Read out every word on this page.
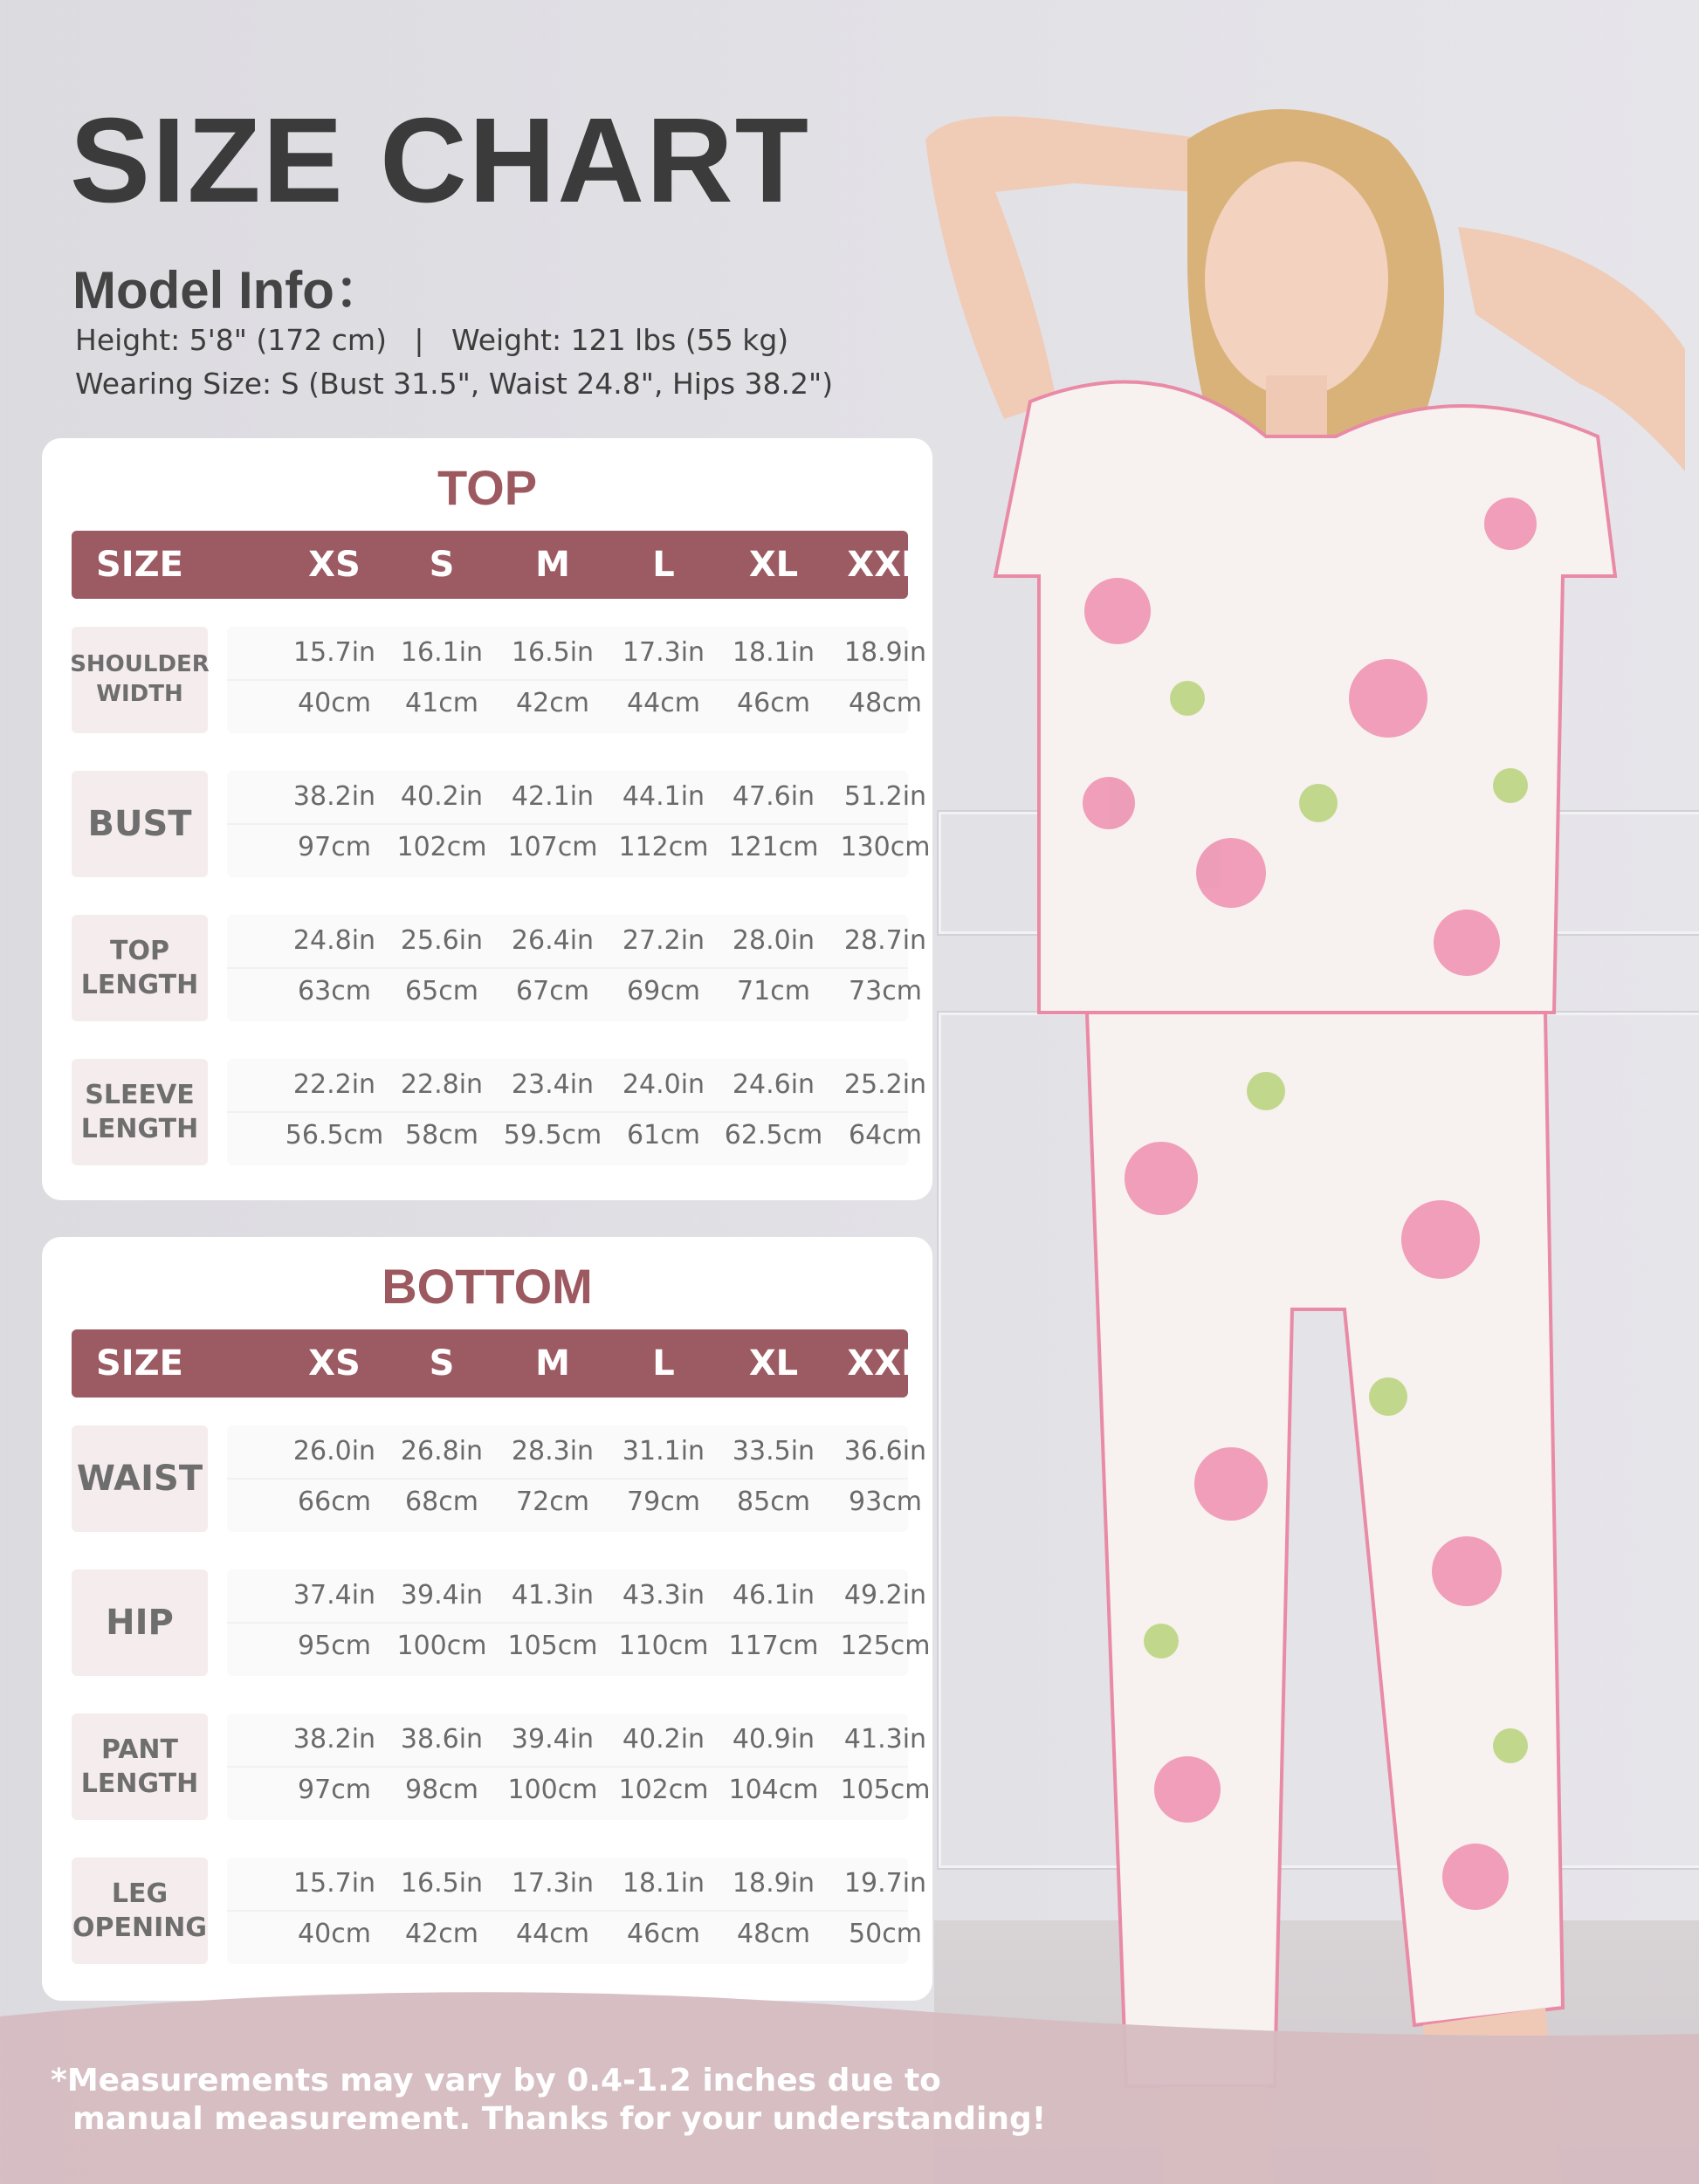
SIZE CHART
Model Info：
Height: 5'8" (172 cm)   |   Weight: 121 lbs (55 kg)
Wearing Size: S (Bust 31.5", Waist 24.8", Hips 38.2")
TOP
SIZE	XS S M L XL XXL
SHOULDER
WIDTH
15.7in 16.1in 16.5in 17.3in 18.1in 18.9in
40cm 41cm 42cm 44cm 46cm 48cm
BUST
38.2in 40.2in 42.1in 44.1in 47.6in 51.2in
97cm 102cm 107cm 112cm 121cm 130cm
TOP
LENGTH
24.8in 25.6in 26.4in 27.2in 28.0in 28.7in
63cm 65cm 67cm 69cm 71cm 73cm
SLEEVE
LENGTH
22.2in 22.8in 23.4in 24.0in 24.6in 25.2in
56.5cm 58cm 59.5cm 61cm 62.5cm 64cm
BOTTOM
SIZE	XS S M L XL XXL
WAIST
26.0in 26.8in 28.3in 31.1in 33.5in 36.6in
66cm 68cm 72cm 79cm 85cm 93cm
HIP
37.4in 39.4in 41.3in 43.3in 46.1in 49.2in
95cm 100cm 105cm 110cm 117cm 125cm
PANT
LENGTH
38.2in 38.6in 39.4in 40.2in 40.9in 41.3in
97cm 98cm 100cm 102cm 104cm 105cm
LEG
OPENING
15.7in 16.5in 17.3in 18.1in 18.9in 19.7in
40cm 42cm 44cm 46cm 48cm 50cm
*Measurements may vary by 0.4-1.2 inches due to
manual measurement. Thanks for your understanding!
